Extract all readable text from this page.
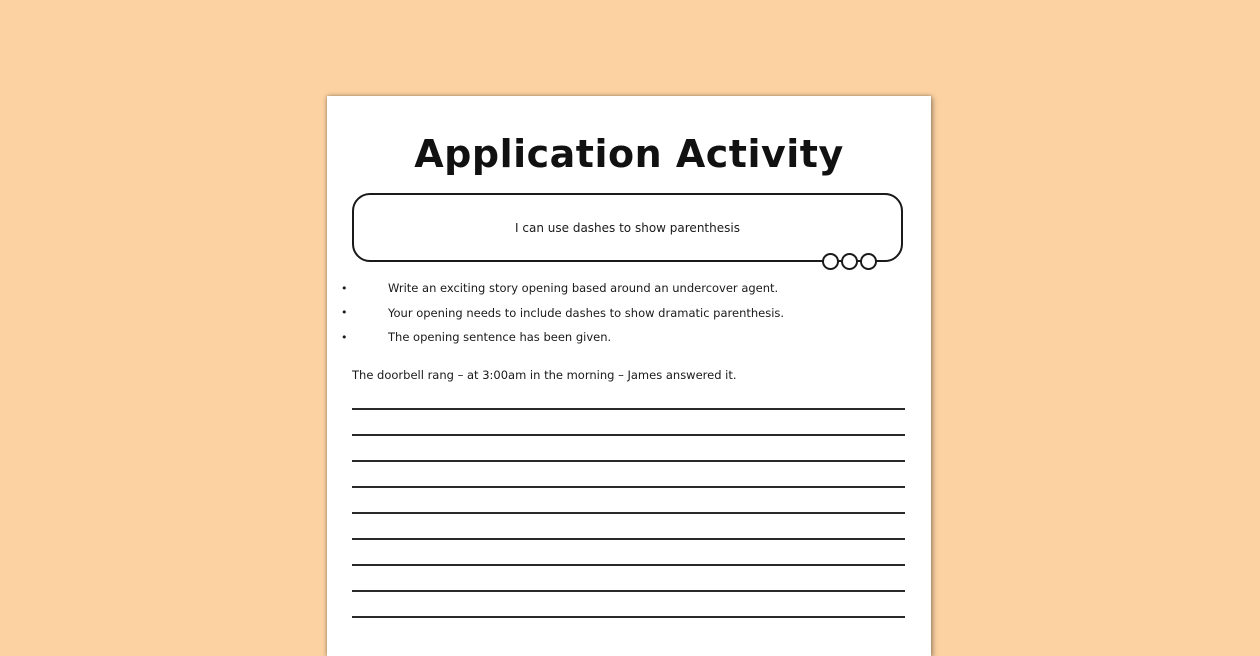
Application Activity
I can use dashes to show parenthesis
•	Write an exciting story opening based around an undercover agent.
•	Your opening needs to include dashes to show dramatic parenthesis.
•	The opening sentence has been given.
The doorbell rang – at 3:00am in the morning – James answered it.
